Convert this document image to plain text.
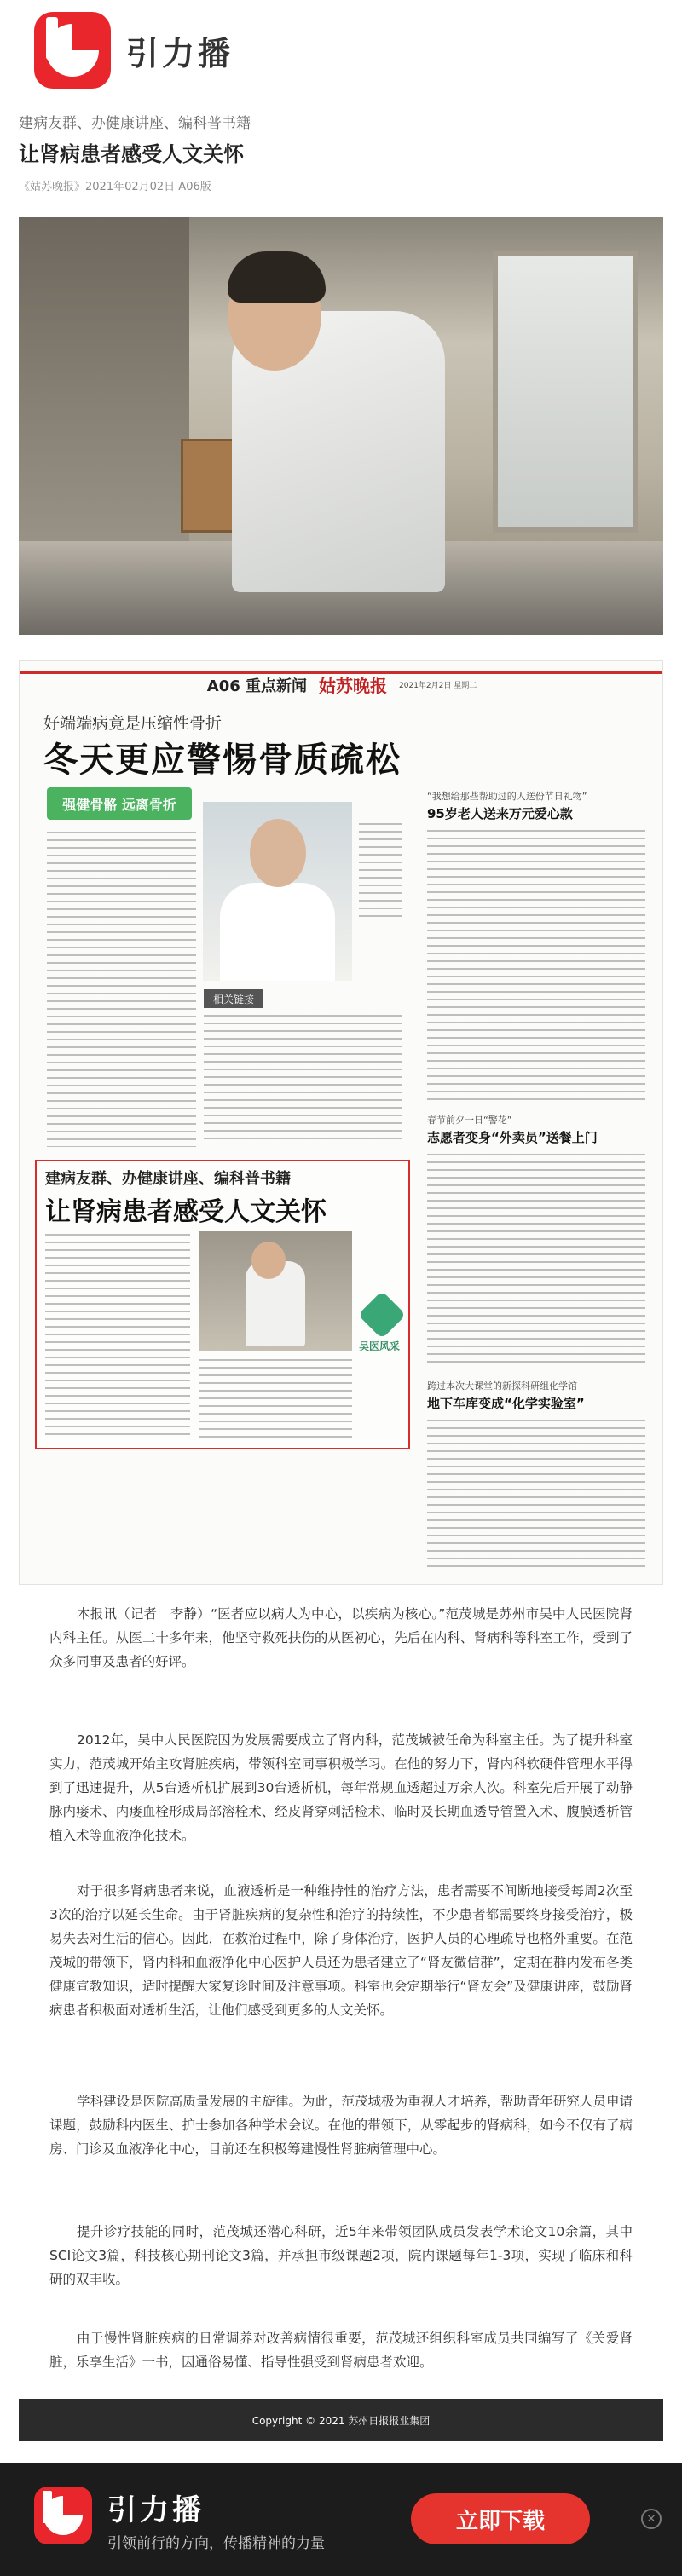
引力播
建病友群、办健康讲座、编科普书籍
让肾病患者感受人文关怀
《姑苏晚报》2021年02月02日 A06版
A06 重点新闻 姑苏晚报 2021年2月2日 星期二
好端端病竟是压缩性骨折
冬天更应警惕骨质疏松
强健骨骼 远离骨折
相关链接
“我想给那些帮助过的人送份节日礼物”
95岁老人送来万元爱心款
春节前夕一日“警花”
志愿者变身“外卖员”送餐上门
跨过本次大课堂的新探科研组化学馆
地下车库变成“化学实验室”
建病友群、办健康讲座、编科普书籍
让肾病患者感受人文关怀
吴医风采

本报讯（记者　李静）“医者应以病人为中心，以疾病为核心。”范茂城是苏州市吴中人民医院肾内科主任。从医二十多年来，他坚守救死扶伤的从医初心，先后在内科、肾病科等科室工作，受到了众多同事及患者的好评。

2012年，吴中人民医院因为发展需要成立了肾内科，范茂城被任命为科室主任。为了提升科室实力，范茂城开始主攻肾脏疾病，带领科室同事积极学习。在他的努力下，肾内科软硬件管理水平得到了迅速提升，从5台透析机扩展到30台透析机，每年常规血透超过万余人次。科室先后开展了动静脉内瘘术、内瘘血栓形成局部溶栓术、经皮肾穿刺活检术、临时及长期血透导管置入术、腹膜透析管植入术等血液净化技术。

对于很多肾病患者来说，血液透析是一种维持性的治疗方法，患者需要不间断地接受每周2次至3次的治疗以延长生命。由于肾脏疾病的复杂性和治疗的持续性，不少患者都需要终身接受治疗，极易失去对生活的信心。因此，在救治过程中，除了身体治疗，医护人员的心理疏导也格外重要。在范茂城的带领下，肾内科和血液净化中心医护人员还为患者建立了“肾友微信群”，定期在群内发布各类健康宣教知识，适时提醒大家复诊时间及注意事项。科室也会定期举行“肾友会”及健康讲座，鼓励肾病患者积极面对透析生活，让他们感受到更多的人文关怀。

学科建设是医院高质量发展的主旋律。为此，范茂城极为重视人才培养，帮助青年研究人员申请课题，鼓励科内医生、护士参加各种学术会议。在他的带领下，从零起步的肾病科，如今不仅有了病房、门诊及血液净化中心，目前还在积极筹建慢性肾脏病管理中心。

提升诊疗技能的同时，范茂城还潜心科研，近5年来带领团队成员发表学术论文10余篇，其中SCI论文3篇，科技核心期刊论文3篇，并承担市级课题2项，院内课题每年1-3项，实现了临床和科研的双丰收。

由于慢性肾脏疾病的日常调养对改善病情很重要，范茂城还组织科室成员共同编写了《关爱肾脏，乐享生活》一书，因通俗易懂、指导性强受到肾病患者欢迎。

Copyright © 2021 苏州日报报业集团
引力播
引领前行的方向，传播精神的力量
立即下载	✕
